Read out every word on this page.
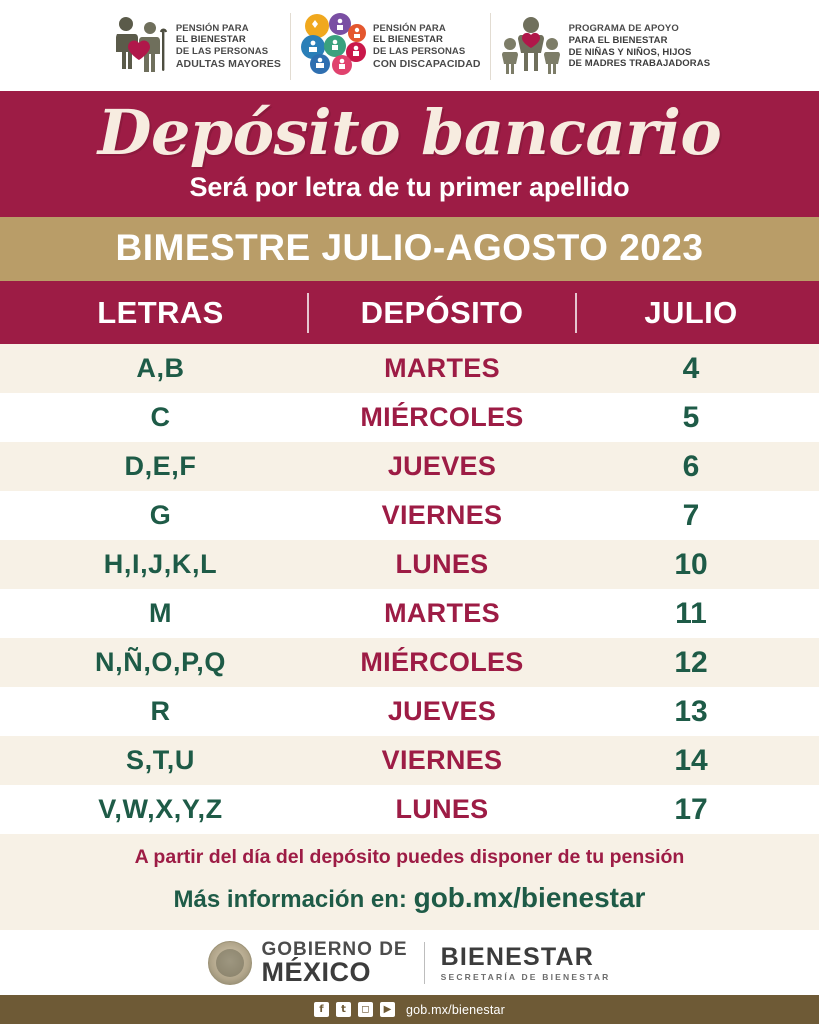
PENSIÓN PARA
EL BIENESTAR
DE LAS PERSONAS
ADULTAS MAYORES
PENSIÓN PARA
EL BIENESTAR
DE LAS PERSONAS
CON DISCAPACIDAD
PROGRAMA DE APOYO
PARA EL BIENESTAR
DE NIÑAS Y NIÑOS, HIJOS
DE MADRES TRABAJADORAS
Depósito bancario
Será por letra de tu primer apellido
BIMESTRE JULIO-AGOSTO 2023
LETRAS	DEPÓSITO	JULIO
A,B	MARTES	4
C	MIÉRCOLES	5
D,E,F	JUEVES	6
G	VIERNES	7
H,I,J,K,L	LUNES	10
M	MARTES	11
N,Ñ,O,P,Q	MIÉRCOLES	12
R	JUEVES	13
S,T,U	VIERNES	14
V,W,X,Y,Z	LUNES	17
A partir del día del depósito puedes disponer de tu pensión
Más información en: gob.mx/bienestar
GOBIERNO DE
MÉXICO	BIENESTAR
SECRETARÍA DE BIENESTAR
f	t	◻	▶ gob.mx/bienestar
